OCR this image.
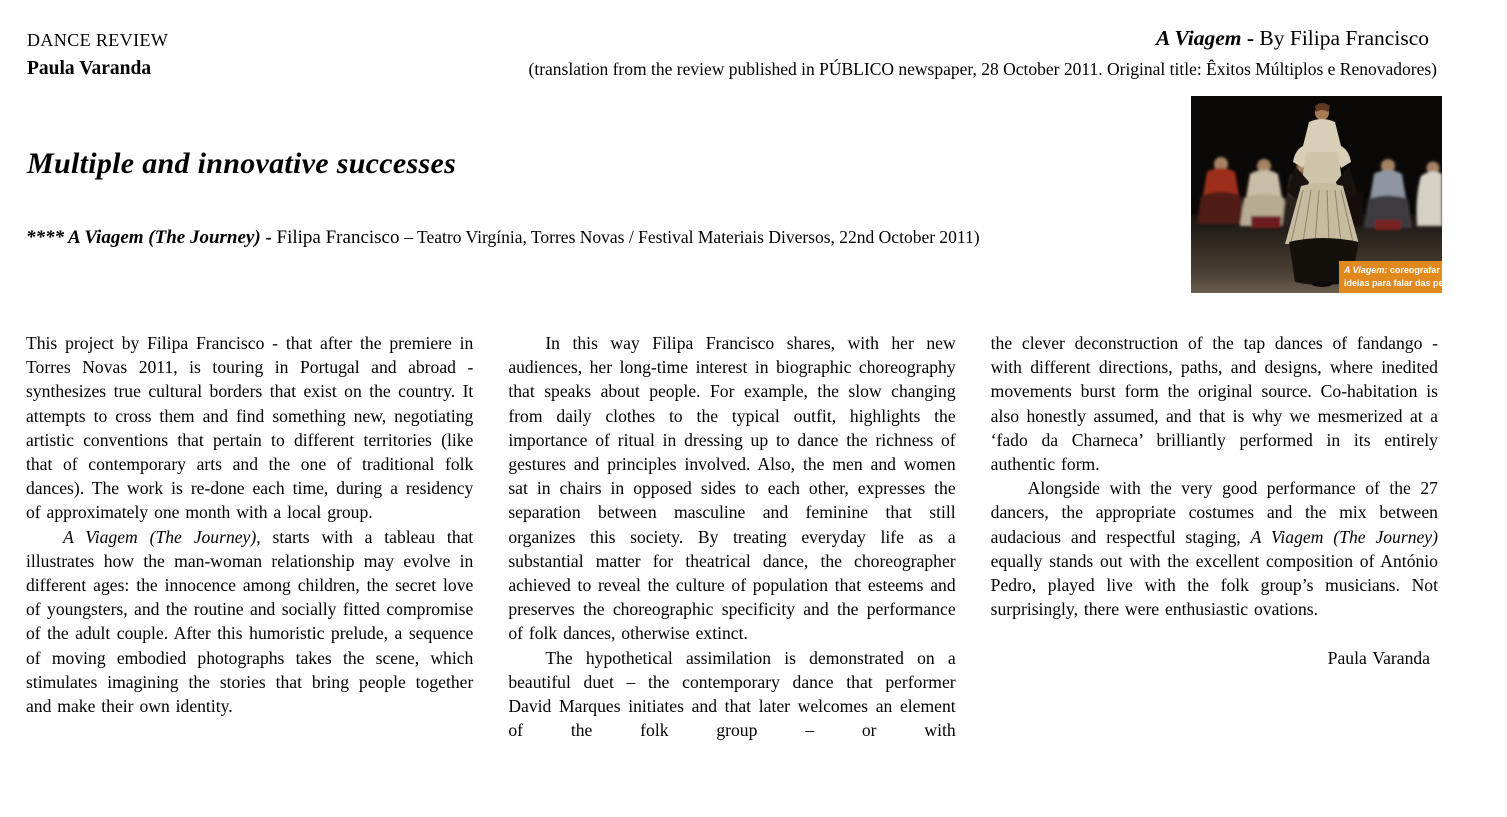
DANCE REVIEW
Paula Varanda
A Viagem - By Filipa Francisco
(translation from the review published in PÚBLICO newspaper, 28 October 2011. Original title: Êxitos Múltiplos e Renovadores)
Multiple and innovative successes
**** A Viagem (The Journey) - Filipa Francisco – Teatro Virgínia, Torres Novas / Festival Materiais Diversos, 22nd October 2011)
A Viagem: coreografar as
ideias para falar das pessoas

This project by Filipa Francisco - that after the premiere in Torres Novas 2011, is touring in Portugal and abroad - synthesizes true cultural borders that exist on the country. It attempts to cross them and find something new, negotiating artistic conventions that pertain to different territories (like that of contemporary arts and the one of traditional folk dances). The work is re-done each time, during a residency of approximately one month with a local group.

A Viagem (The Journey), starts with a tableau that illustrates how the man-woman relationship may evolve in different ages: the innocence among children, the secret love of youngsters, and the routine and socially fitted compromise of the adult couple. After this humoristic prelude, a sequence of moving embodied photographs takes the scene, which stimulates imagining the stories that bring people together and make their own identity.

In this way Filipa Francisco shares, with her new audiences, her long-time interest in biographic choreography that speaks about people. For example, the slow changing from daily clothes to the typical outfit, highlights the importance of ritual in dressing up to dance the richness of gestures and principles involved. Also, the men and women sat in chairs in opposed sides to each other, expresses the separation between masculine and feminine that still organizes this society. By treating everyday life as a substantial matter for theatrical dance, the choreographer achieved to reveal the culture of population that esteems and preserves the choreographic specificity and the performance of folk dances, otherwise extinct.

The hypothetical assimilation is demonstrated on a beautiful duet – the contemporary dance that performer David Marques initiates and that later welcomes an element of the folk group – or with

the clever deconstruction of the tap dances of fandango - with different directions, paths, and designs, where inedited movements burst form the original source. Co-habitation is also honestly assumed, and that is why we mesmerized at a ‘fado da Charneca’ brilliantly performed in its entirely authentic form.

Alongside with the very good performance of the 27 dancers, the appropriate costumes and the mix between audacious and respectful staging, A Viagem (The Journey) equally stands out with the excellent composition of António Pedro, played live with the folk group’s musicians. Not surprisingly, there were enthusiastic ovations.

Paula Varanda
